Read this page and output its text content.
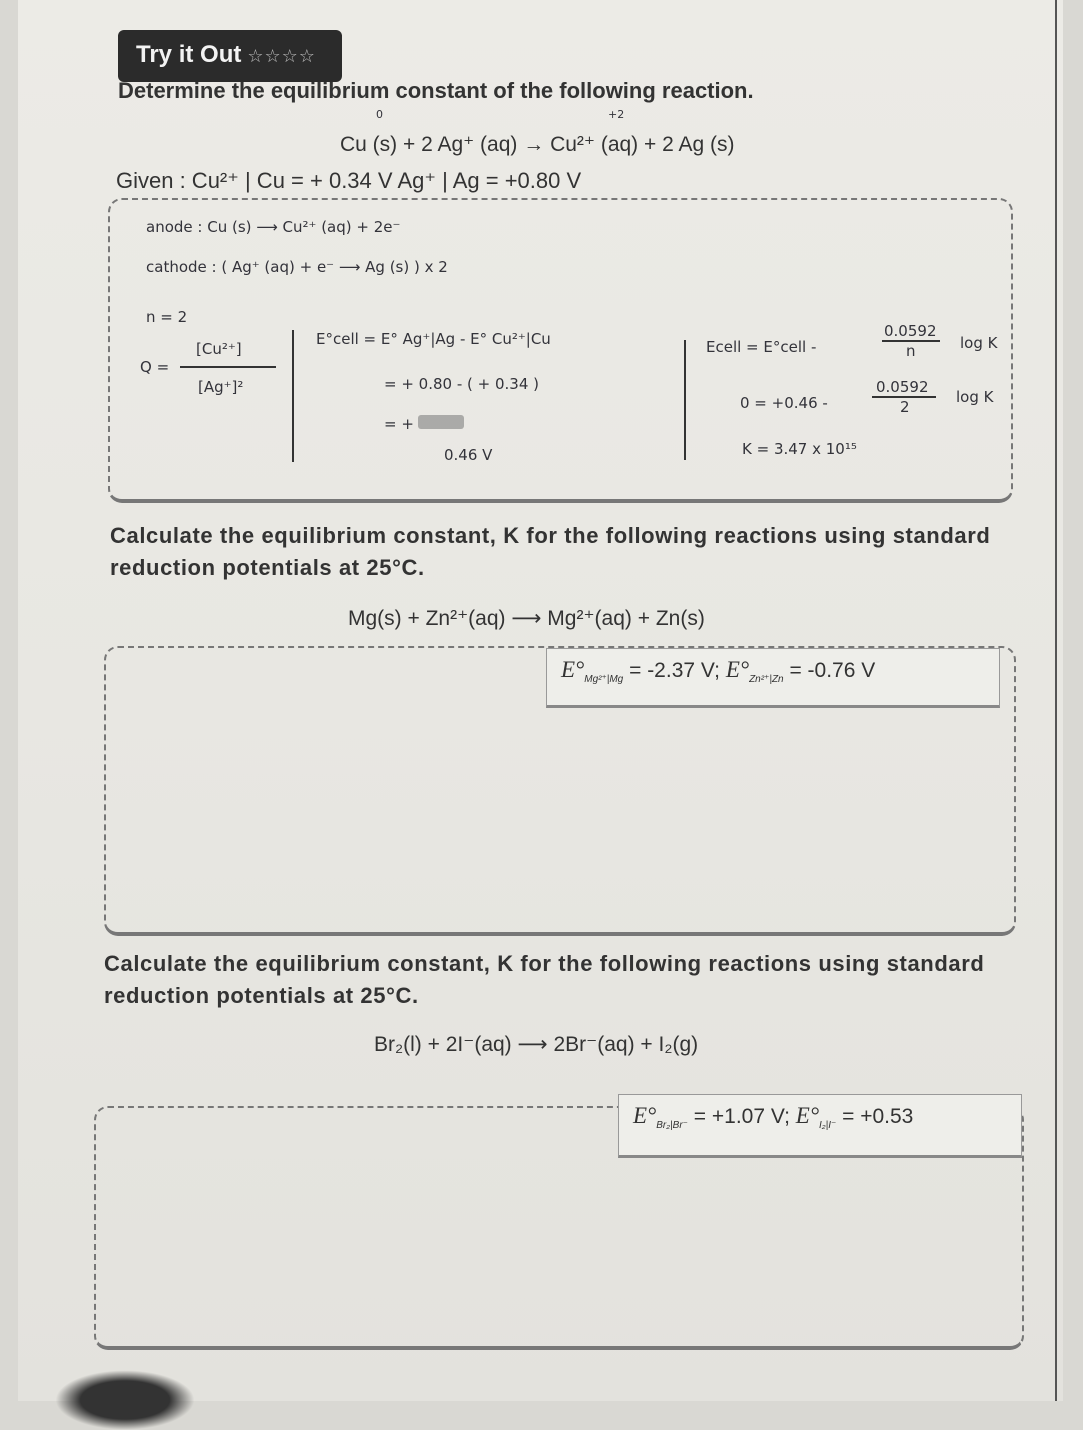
Try it Out ☆☆☆☆
Determine the equilibrium constant of the following reaction.
0	+2
Cu (s) + 2 Ag⁺ (aq) → Cu²⁺ (aq) + 2 Ag (s)
Given : Cu²⁺ | Cu = + 0.34 V Ag⁺ | Ag = +0.80 V
anode : Cu (s) ⟶ Cu²⁺ (aq) + 2e⁻
cathode : ( Ag⁺ (aq) + e⁻ ⟶ Ag (s) ) x 2
n = 2
Q =
[Cu²⁺]
[Ag⁺]²
E°cell = E° Ag⁺|Ag - E° Cu²⁺|Cu
= + 0.80 - ( + 0.34 )
= +
0.46 V
Ecell = E°cell -
0.0592
n	log K
0 = +0.46 -
0.0592
2
log K
K = 3.47 x 10¹⁵
Calculate the equilibrium constant, K for the following reactions using standard reduction potentials at 25°C.
Mg(s) + Zn²⁺(aq) ⟶ Mg²⁺(aq) + Zn(s)
$E^\circ_{Mg^{2+}|Mg} = -2.37$ V; $E^\circ_{Zn^{2+}|Zn} = -0.76$ V
Calculate the equilibrium constant, K for the following reactions using standard reduction potentials at 25°C.
Br₂(l) + 2I⁻(aq) ⟶ 2Br⁻(aq) + I₂(g)
$E^\circ_{Br_2|Br^-} = +1.07$ V; $E^\circ_{I_2|I^-} = +0.53$
